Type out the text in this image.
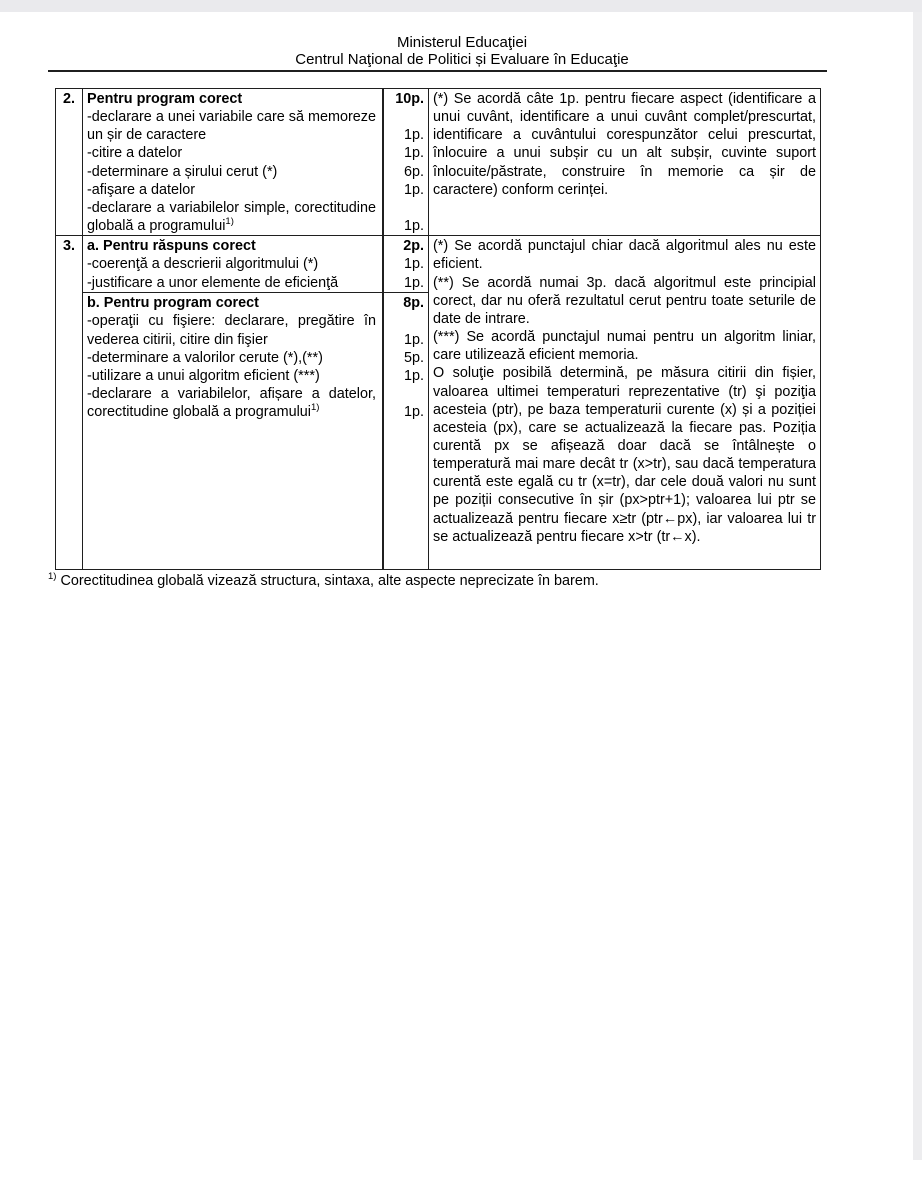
Ministerul Educaţiei
Centrul Naţional de Politici și Evaluare în Educaţie
2. Pentru program corect	10p.
-declarare a unei variabile care să memoreze un șir de caractere	1p.
-citire a datelor	1p.
-determinare a șirului cerut (*)	6p.
-afişare a datelor	1p.
-declarare a variabilelor simple, corectitudine globală a programului$^{1)}$	1p.
(*) Se acordă câte 1p. pentru fiecare aspect (identificare a unui cuvânt, identificare a unui cuvânt complet/prescurtat, identificare a cuvântului corespunzător celui prescurtat, înlocuire a unui subșir cu un alt subșir, cuvinte suport înlocuite/păstrate, construire în memorie ca șir de caractere) conform cerinței.
3. a. Pentru răspuns corect	2p.
-coerenţă a descrierii algoritmului (*)	1p.
-justificare a unor elemente de eficienţă	1p.
b. Pentru program corect	8p.
-operaţii cu fişiere: declarare, pregătire în vederea citirii, citire din fişier	1p.
-determinare a valorilor cerute (*),(**)	5p.
-utilizare a unui algoritm eficient (***)	1p.
-declarare a variabilelor, afișare a datelor, corectitudine globală a programului$^{1)}$	1p.
(*) Se acordă punctajul chiar dacă algoritmul ales nu este eficient.
(**) Se acordă numai 3p. dacă algoritmul este principial corect, dar nu oferă rezultatul cerut pentru toate seturile de date de intrare.
(***) Se acordă punctajul numai pentru un algoritm liniar, care utilizează eficient memoria.
O soluţie posibilă determină, pe măsura citirii din fișier, valoarea ultimei temperaturi reprezentative (tr) şi poziţia acesteia (ptr), pe baza temperaturii curente (x) și a poziției acesteia (px), care se actualizează la fiecare pas. Poziția curentă px se afișează doar dacă se întâlnește o temperatură mai mare decât tr (x>tr), sau dacă temperatura curentă este egală cu tr (x=tr), dar cele două valori nu sunt pe poziții consecutive în șir (px>ptr+1); valoarea lui ptr se actualizează pentru fiecare x≥tr (ptr←px), iar valoarea lui tr se actualizează pentru fiecare x>tr (tr←x).
$^{1)}$ Corectitudinea globală vizează structura, sintaxa, alte aspecte neprecizate în barem.
